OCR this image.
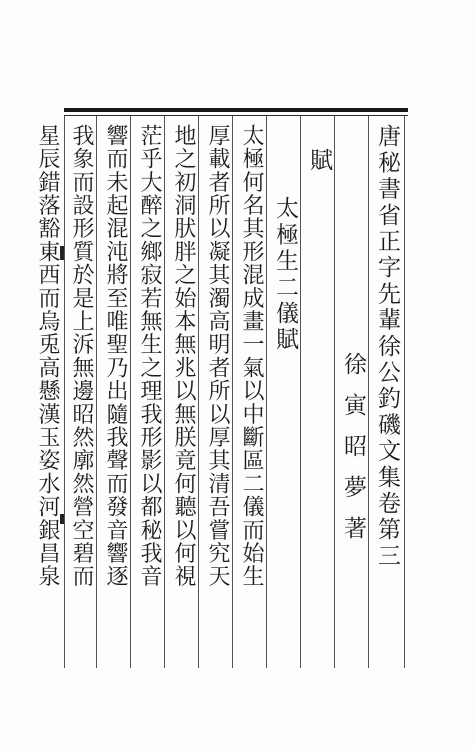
唐秘書省正字先輩徐公釣磯文集卷第三
徐寅昭夢著
賦
太極生二儀賦
太極何名其形混成畫一氣以中斷區二儀而始生
厚載者所以凝其濁高明者所以厚其清吾嘗究天
地之初洞肰胖之始本無兆以無朕竟何聽以何視
茫乎大醉之鄉寂若無生之理我形影以都秘我音
響而未起混沌將至唯聖乃出隨我聲而發音響逐
我象而設形質於是上泝無邊昭然廓然營空碧而
星辰錯落豁東西而烏兎高懸漢玉姿水河銀昌泉
